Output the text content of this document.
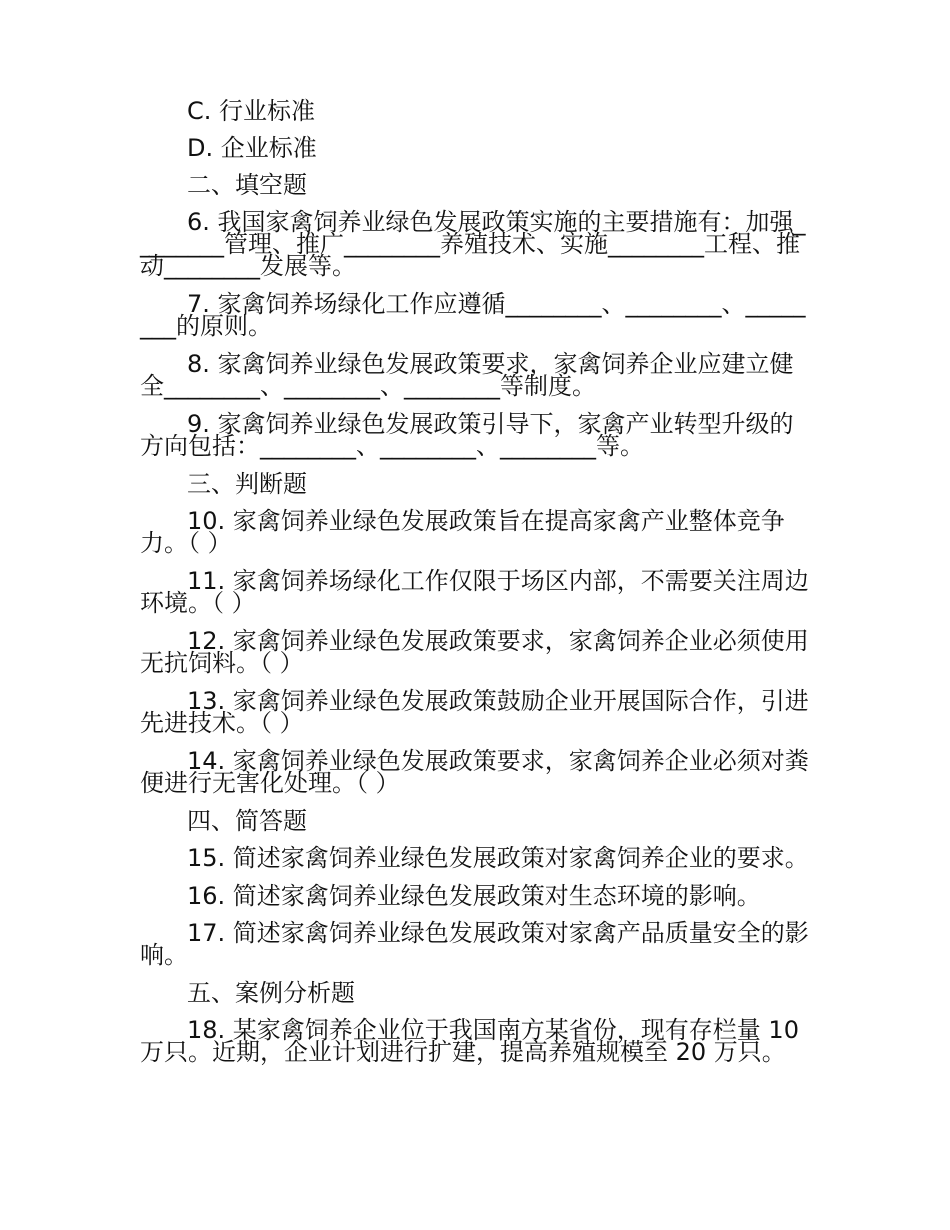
C. 行业标准

D. 企业标准

二、填空题

6. 我国家禽饲养业绿色发展政策实施的主要措施有：加强________管理、推广________养殖技术、实施________工程、推动________发展等。

7. 家禽饲养场绿化工作应遵循________、________、________的原则。

8. 家禽饲养业绿色发展政策要求，家禽饲养企业应建立健全________、________、________等制度。

9. 家禽饲养业绿色发展政策引导下，家禽产业转型升级的方向包括：________、________、________等。

三、判断题

10. 家禽饲养业绿色发展政策旨在提高家禽产业整体竞争力。（ ）

11. 家禽饲养场绿化工作仅限于场区内部，不需要关注周边环境。（ ）

12. 家禽饲养业绿色发展政策要求，家禽饲养企业必须使用无抗饲料。（ ）

13. 家禽饲养业绿色发展政策鼓励企业开展国际合作，引进先进技术。（ ）

14. 家禽饲养业绿色发展政策要求，家禽饲养企业必须对粪便进行无害化处理。（ ）

四、简答题

15. 简述家禽饲养业绿色发展政策对家禽饲养企业的要求。

16. 简述家禽饲养业绿色发展政策对生态环境的影响。

17. 简述家禽饲养业绿色发展政策对家禽产品质量安全的影响。

五、案例分析题

18. 某家禽饲养企业位于我国南方某省份，现有存栏量 10 万只。近期，企业计划进行扩建，提高养殖规模至 20 万只。
